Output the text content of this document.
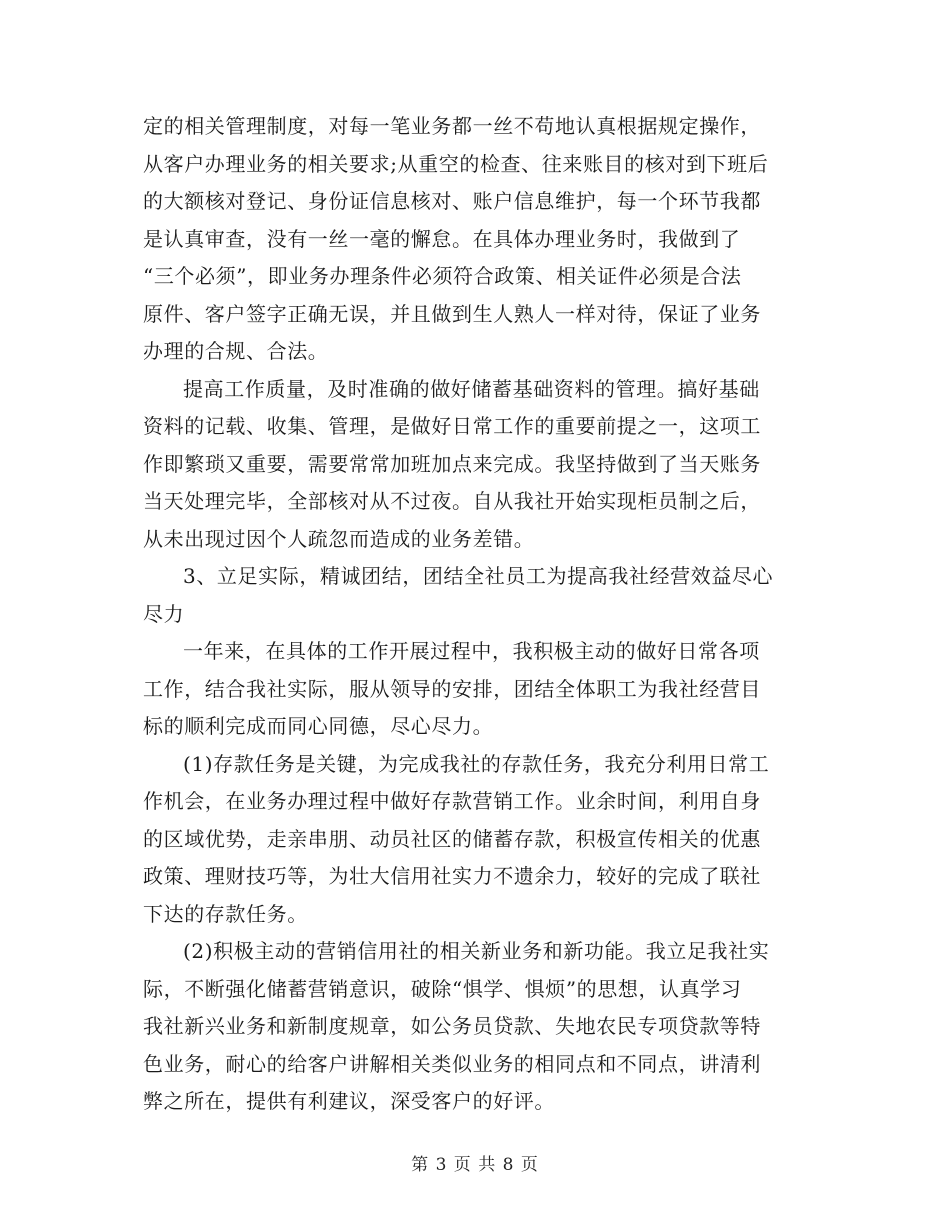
定的相关管理制度，对每一笔业务都一丝不苟地认真根据规定操作，
从客户办理业务的相关要求;从重空的检查、往来账目的核对到下班后
的大额核对登记、身份证信息核对、账户信息维护，每一个环节我都
是认真审查，没有一丝一毫的懈怠。在具体办理业务时，我做到了
“三个必须”，即业务办理条件必须符合政策、相关证件必须是合法
原件、客户签字正确无误，并且做到生人熟人一样对待，保证了业务
办理的合规、合法。
提高工作质量，及时准确的做好储蓄基础资料的管理。搞好基础
资料的记载、收集、管理，是做好日常工作的重要前提之一，这项工
作即繁琐又重要，需要常常加班加点来完成。我坚持做到了当天账务
当天处理完毕，全部核对从不过夜。自从我社开始实现柜员制之后，
从未出现过因个人疏忽而造成的业务差错。
3、立足实际，精诚团结，团结全社员工为提高我社经营效益尽心
尽力
一年来，在具体的工作开展过程中，我积极主动的做好日常各项
工作，结合我社实际，服从领导的安排，团结全体职工为我社经营目
标的顺利完成而同心同德，尽心尽力。
(1)存款任务是关键，为完成我社的存款任务，我充分利用日常工
作机会，在业务办理过程中做好存款营销工作。业余时间，利用自身
的区域优势，走亲串朋、动员社区的储蓄存款，积极宣传相关的优惠
政策、理财技巧等，为壮大信用社实力不遗余力，较好的完成了联社
下达的存款任务。
(2)积极主动的营销信用社的相关新业务和新功能。我立足我社实
际，不断强化储蓄营销意识，破除“惧学、惧烦”的思想，认真学习
我社新兴业务和新制度规章，如公务员贷款、失地农民专项贷款等特
色业务，耐心的给客户讲解相关类似业务的相同点和不同点，讲清利
弊之所在，提供有利建议，深受客户的好评。
第 3 页 共 8 页
